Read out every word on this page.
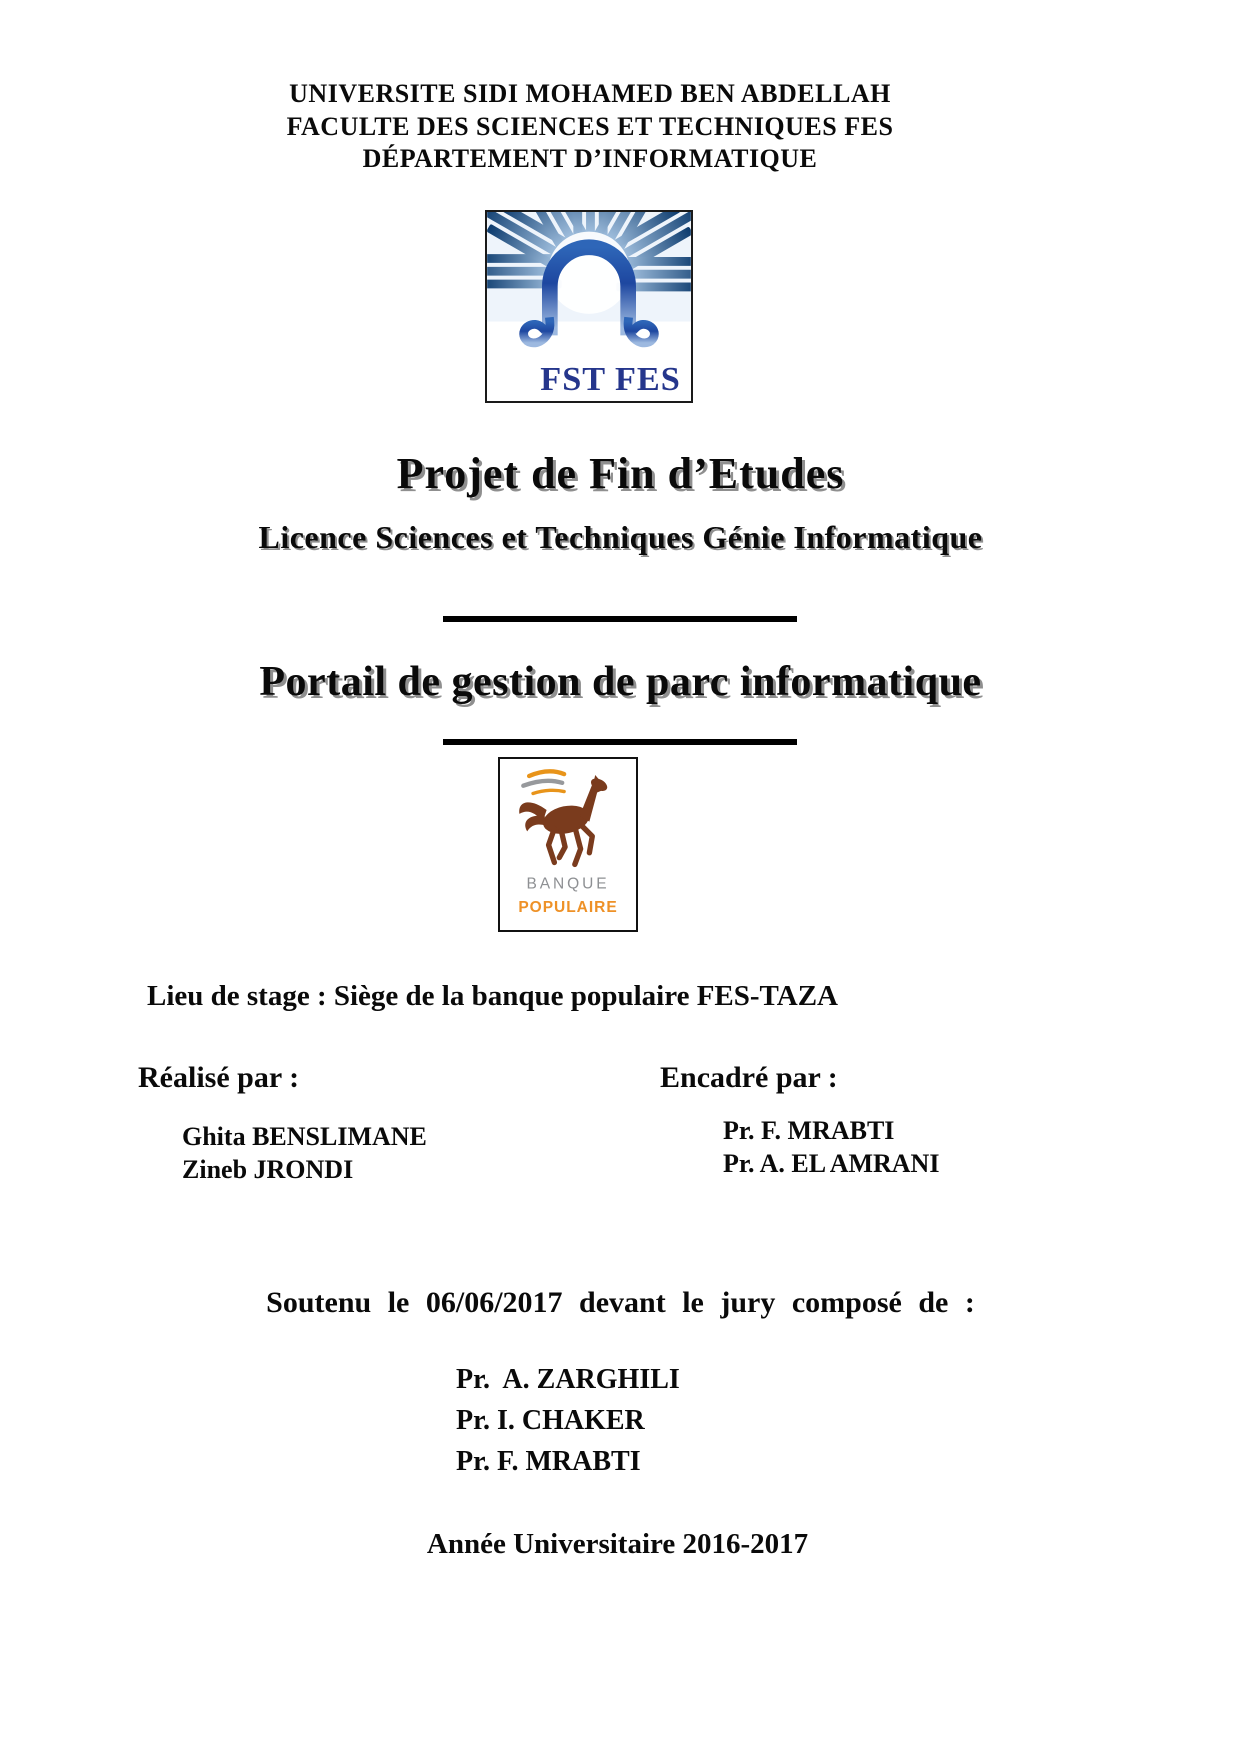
UNIVERSITE SIDI MOHAMED BEN ABDELLAH
FACULTE DES SCIENCES ET TECHNIQUES FES
DÉPARTEMENT D’INFORMATIQUE
FST FES
Projet de Fin d’Etudes
Licence Sciences et Techniques Génie Informatique
Portail de gestion de parc informatique
BANQUE
POPULAIRE
Lieu de stage : Siège de la banque populaire FES-TAZA
Réalisé par :	Encadré par :
Ghita BENSLIMANE
Zineb JRONDI
Pr. F. MRABTI
Pr. A. EL AMRANI
Soutenu le 06/06/2017 devant le jury composé de :
Pr.  A. ZARGHILI
Pr. I. CHAKER
Pr. F. MRABTI
Année Universitaire 2016-2017
